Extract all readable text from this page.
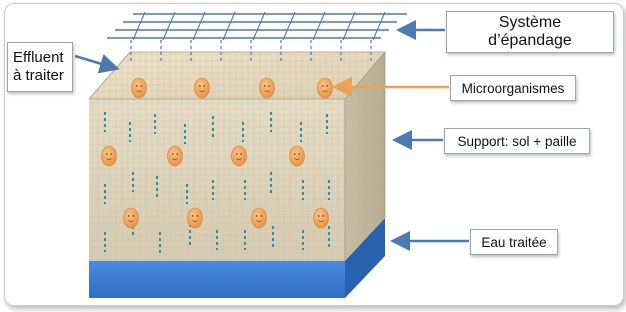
Système
d’épandage
Effluent
à traiter
Microorganismes
Support: sol + paille
Eau traitée
